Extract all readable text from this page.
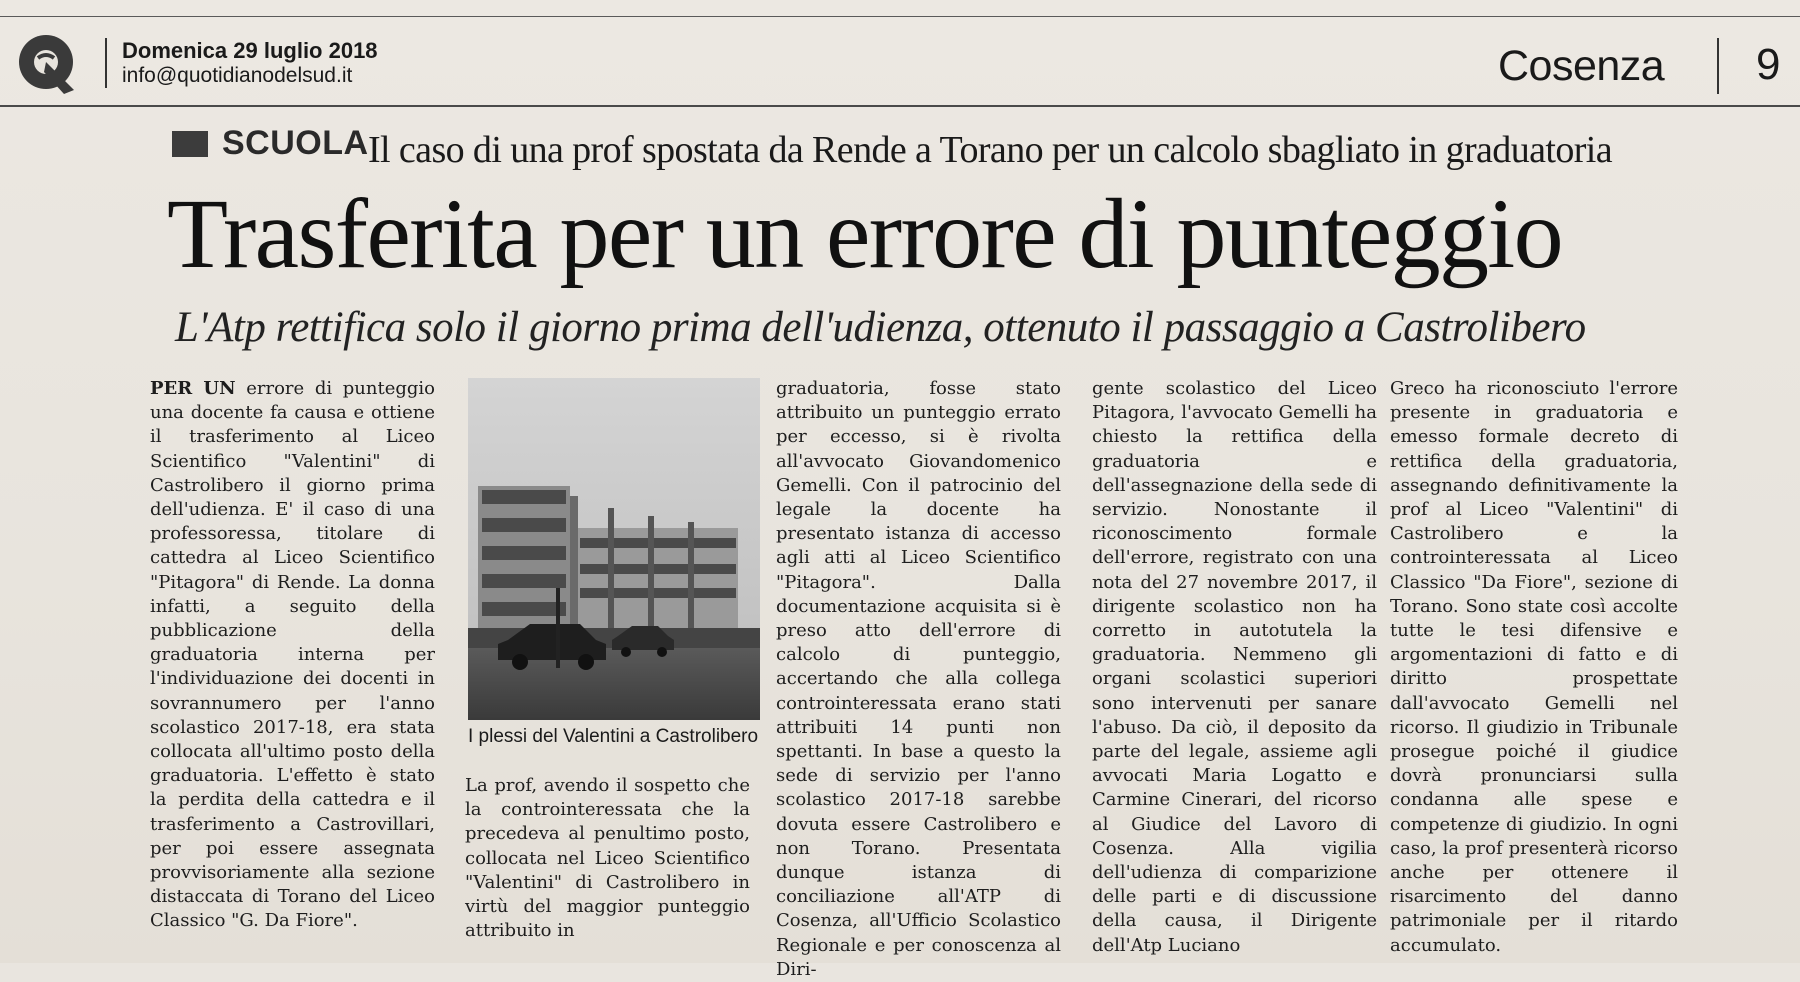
Domenica 29 luglio 2018
info@quotidianodelsud.it	Cosenza 9
SCUOLA Il caso di una prof spostata da Rende a Torano per un calcolo sbagliato in graduatoria
Trasferita per un errore di punteggio
L'Atp rettifica solo il giorno prima dell'udienza, ottenuto il passaggio a Castrolibero
I plessi del Valentini a Castrolibero

PER UN errore di punteggio una docente fa causa e ottiene il trasferimento al Liceo Scientifico "Valentini" di Castrolibero il giorno prima dell'udienza. E' il caso di una professoressa, titolare di cattedra al Liceo Scientifico "Pitagora" di Rende. La donna infatti, a seguito della pubblicazione della graduatoria interna per l'individuazione dei docenti in sovrannumero per l'anno scolastico 2017-18, era stata collocata all'ultimo posto della graduatoria. L'effetto è stato la perdita della cattedra e il trasferimento a Castrovillari, per poi essere assegnata provvisoriamente alla sezione distaccata di Torano del Liceo Classico "G. Da Fiore".

La prof, avendo il sospetto che la controinteressata che la precedeva al penultimo posto, collocata nel Liceo Scientifico "Valentini" di Castrolibero in virtù del maggior punteggio attribuito in

graduatoria, fosse stato attribuito un punteggio errato per eccesso, si è rivolta all'avvocato Giovandomenico Gemelli. Con il patrocinio del legale la docente ha presentato istanza di accesso agli atti al Liceo Scientifico "Pitagora". Dalla documentazione acquisita si è preso atto dell'errore di calcolo di punteggio, accertando che alla collega controinteressata erano stati attribuiti 14 punti non spettanti. In base a questo la sede di servizio per l'anno scolastico 2017-18 sarebbe dovuta essere Castrolibero e non Torano. Presentata dunque istanza di conciliazione all'ATP di Cosenza, all'Ufficio Scolastico Regionale e per conoscenza al Diri-

gente scolastico del Liceo Pitagora, l'avvocato Gemelli ha chiesto la rettifica della graduatoria e dell'assegnazione della sede di servizio. Nonostante il riconoscimento formale dell'errore, registrato con una nota del 27 novembre 2017, il dirigente scolastico non ha corretto in autotutela la graduatoria. Nemmeno gli organi scolastici superiori sono intervenuti per sanare l'abuso. Da ciò, il deposito da parte del legale, assieme agli avvocati Maria Logatto e Carmine Cinerari, del ricorso al Giudice del Lavoro di Cosenza. Alla vigilia dell'udienza di comparizione delle parti e di discussione della causa, il Dirigente dell'Atp Luciano

Greco ha riconosciuto l'errore presente in graduatoria e emesso formale decreto di rettifica della graduatoria, assegnando definitivamente la prof al Liceo "Valentini" di Castrolibero e la controinteressata al Liceo Classico "Da Fiore", sezione di Torano. Sono state così accolte tutte le tesi difensive e argomentazioni di fatto e di diritto prospettate dall'avvocato Gemelli nel ricorso. Il giudizio in Tribunale prosegue poiché il giudice dovrà pronunciarsi sulla condanna alle spese e competenze di giudizio. In ogni caso, la prof presenterà ricorso anche per ottenere il risarcimento del danno patrimoniale per il ritardo accumulato.
